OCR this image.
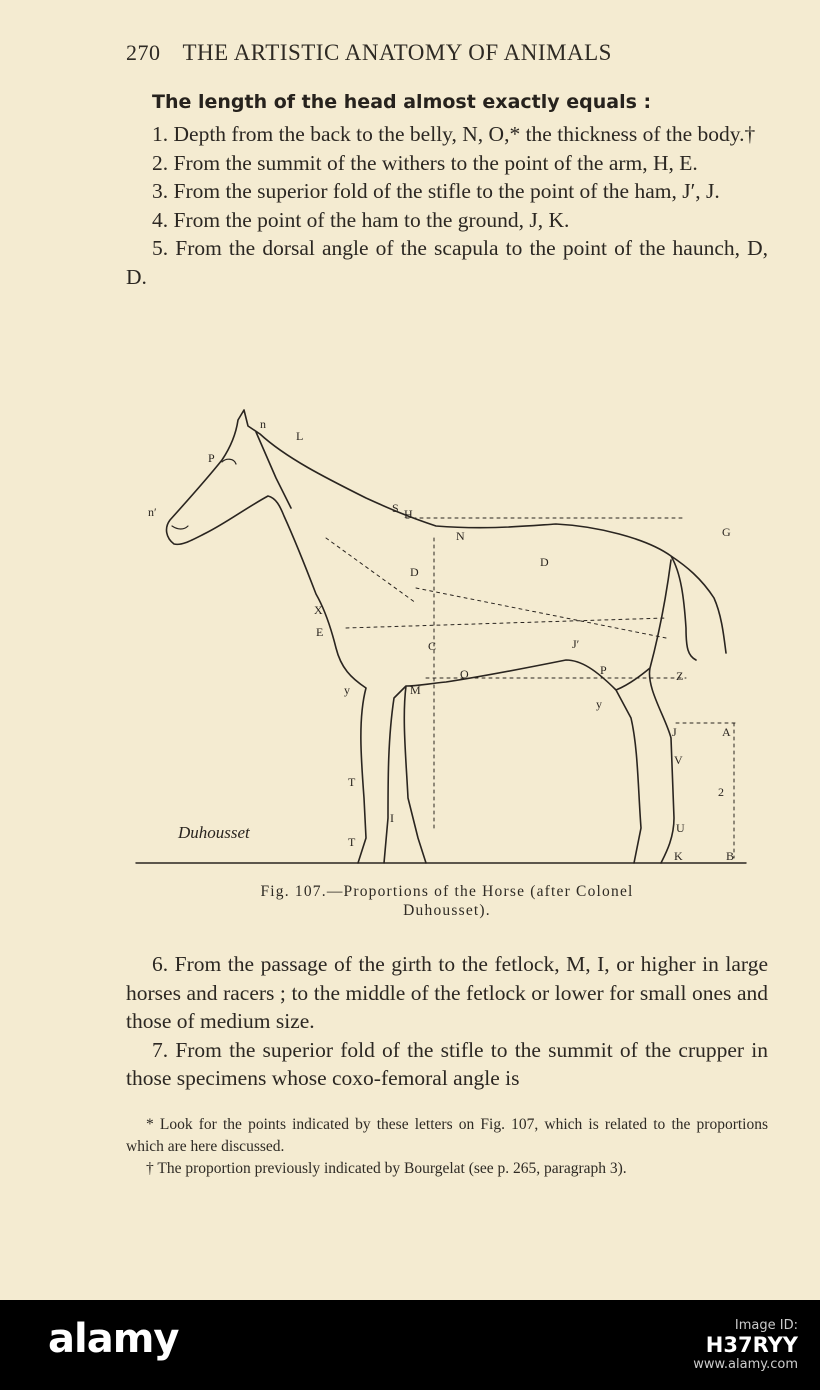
270 THE ARTISTIC ANATOMY OF ANIMALS
The length of the head almost exactly equals :

1. Depth from the back to the belly, N, O,* the thickness of the body.†

2. From the summit of the withers to the point of the arm, H, E.

3. From the superior fold of the stifle to the point of the ham, J′, J.

4. From the point of the ham to the ground, J, K.

5. From the dorsal angle of the scapula to the point of the haunch, D, D.

n
L
P
n′	S H
N	G
D
D
X
E
C
O
J′
P	Z
y	M
y
J	A
V
T
2
I
U
T
K	B
Duhousset
Fig. 107.—Proportions of the Horse (after Colonel
Duhousset).

6. From the passage of the girth to the fetlock, M, I, or higher in large horses and racers ; to the middle of the fetlock or lower for small ones and those of medium size.

7. From the superior fold of the stifle to the summit of the crupper in those specimens whose coxo-femoral angle is

* Look for the points indicated by these letters on Fig. 107, which is related to the proportions which are here discussed.

† The proportion previously indicated by Bourgelat (see p. 265, paragraph 3).

alamy	Image ID:
H37RYY
www.alamy.com
